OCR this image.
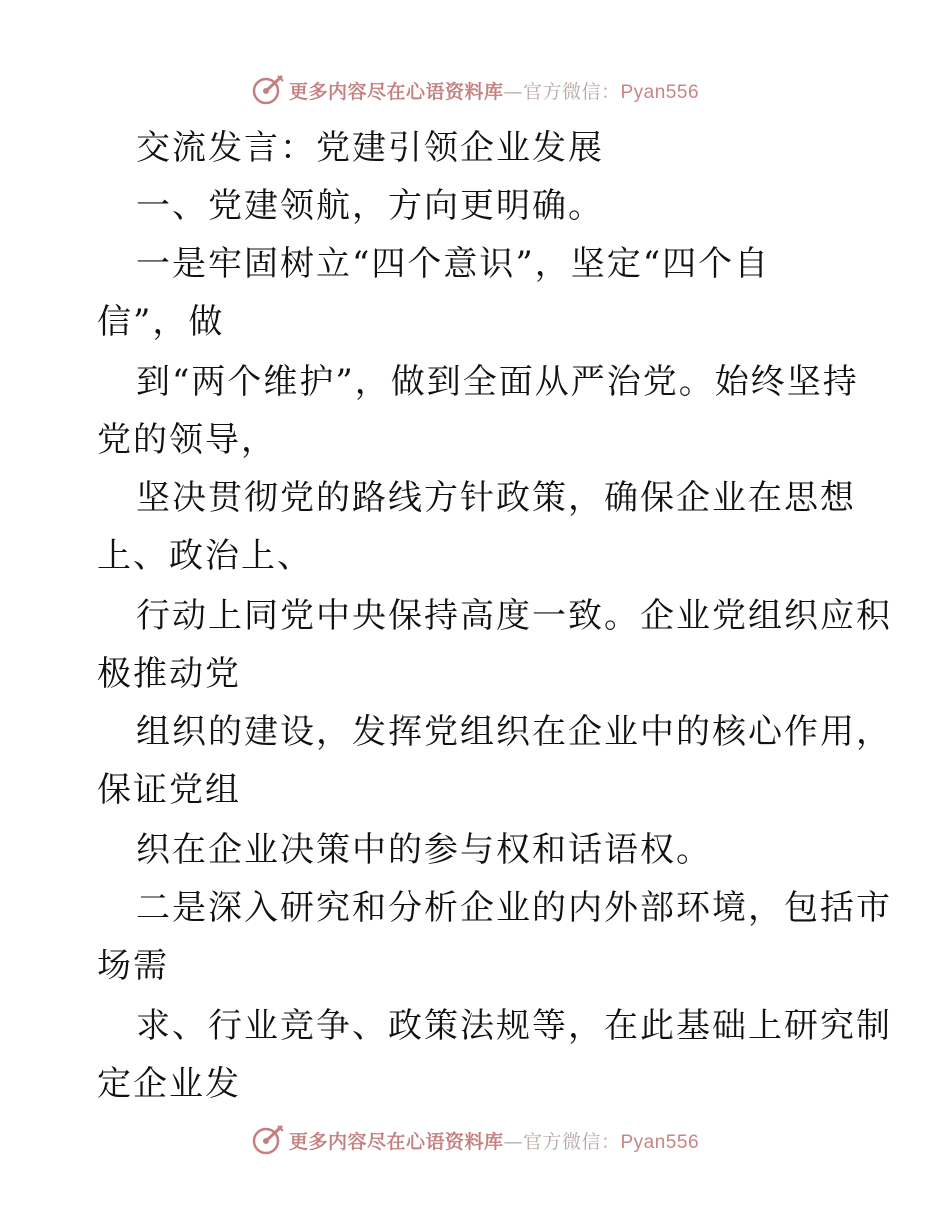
更多内容尽在心语资料库—官方微信：Pyan556
交流发言：党建引领企业发展
一、党建领航，方向更明确。
一是牢固树立“四个意识”，坚定“四个自
信”，做
到“两个维护”，做到全面从严治党。始终坚持
党的领导，
坚决贯彻党的路线方针政策，确保企业在思想
上、政治上、
行动上同党中央保持高度一致。企业党组织应积
极推动党
组织的建设，发挥党组织在企业中的核心作用，
保证党组
织在企业决策中的参与权和话语权。
二是深入研究和分析企业的内外部环境，包括市
场需
求、行业竞争、政策法规等，在此基础上研究制
定企业发
更多内容尽在心语资料库—官方微信：Pyan556
